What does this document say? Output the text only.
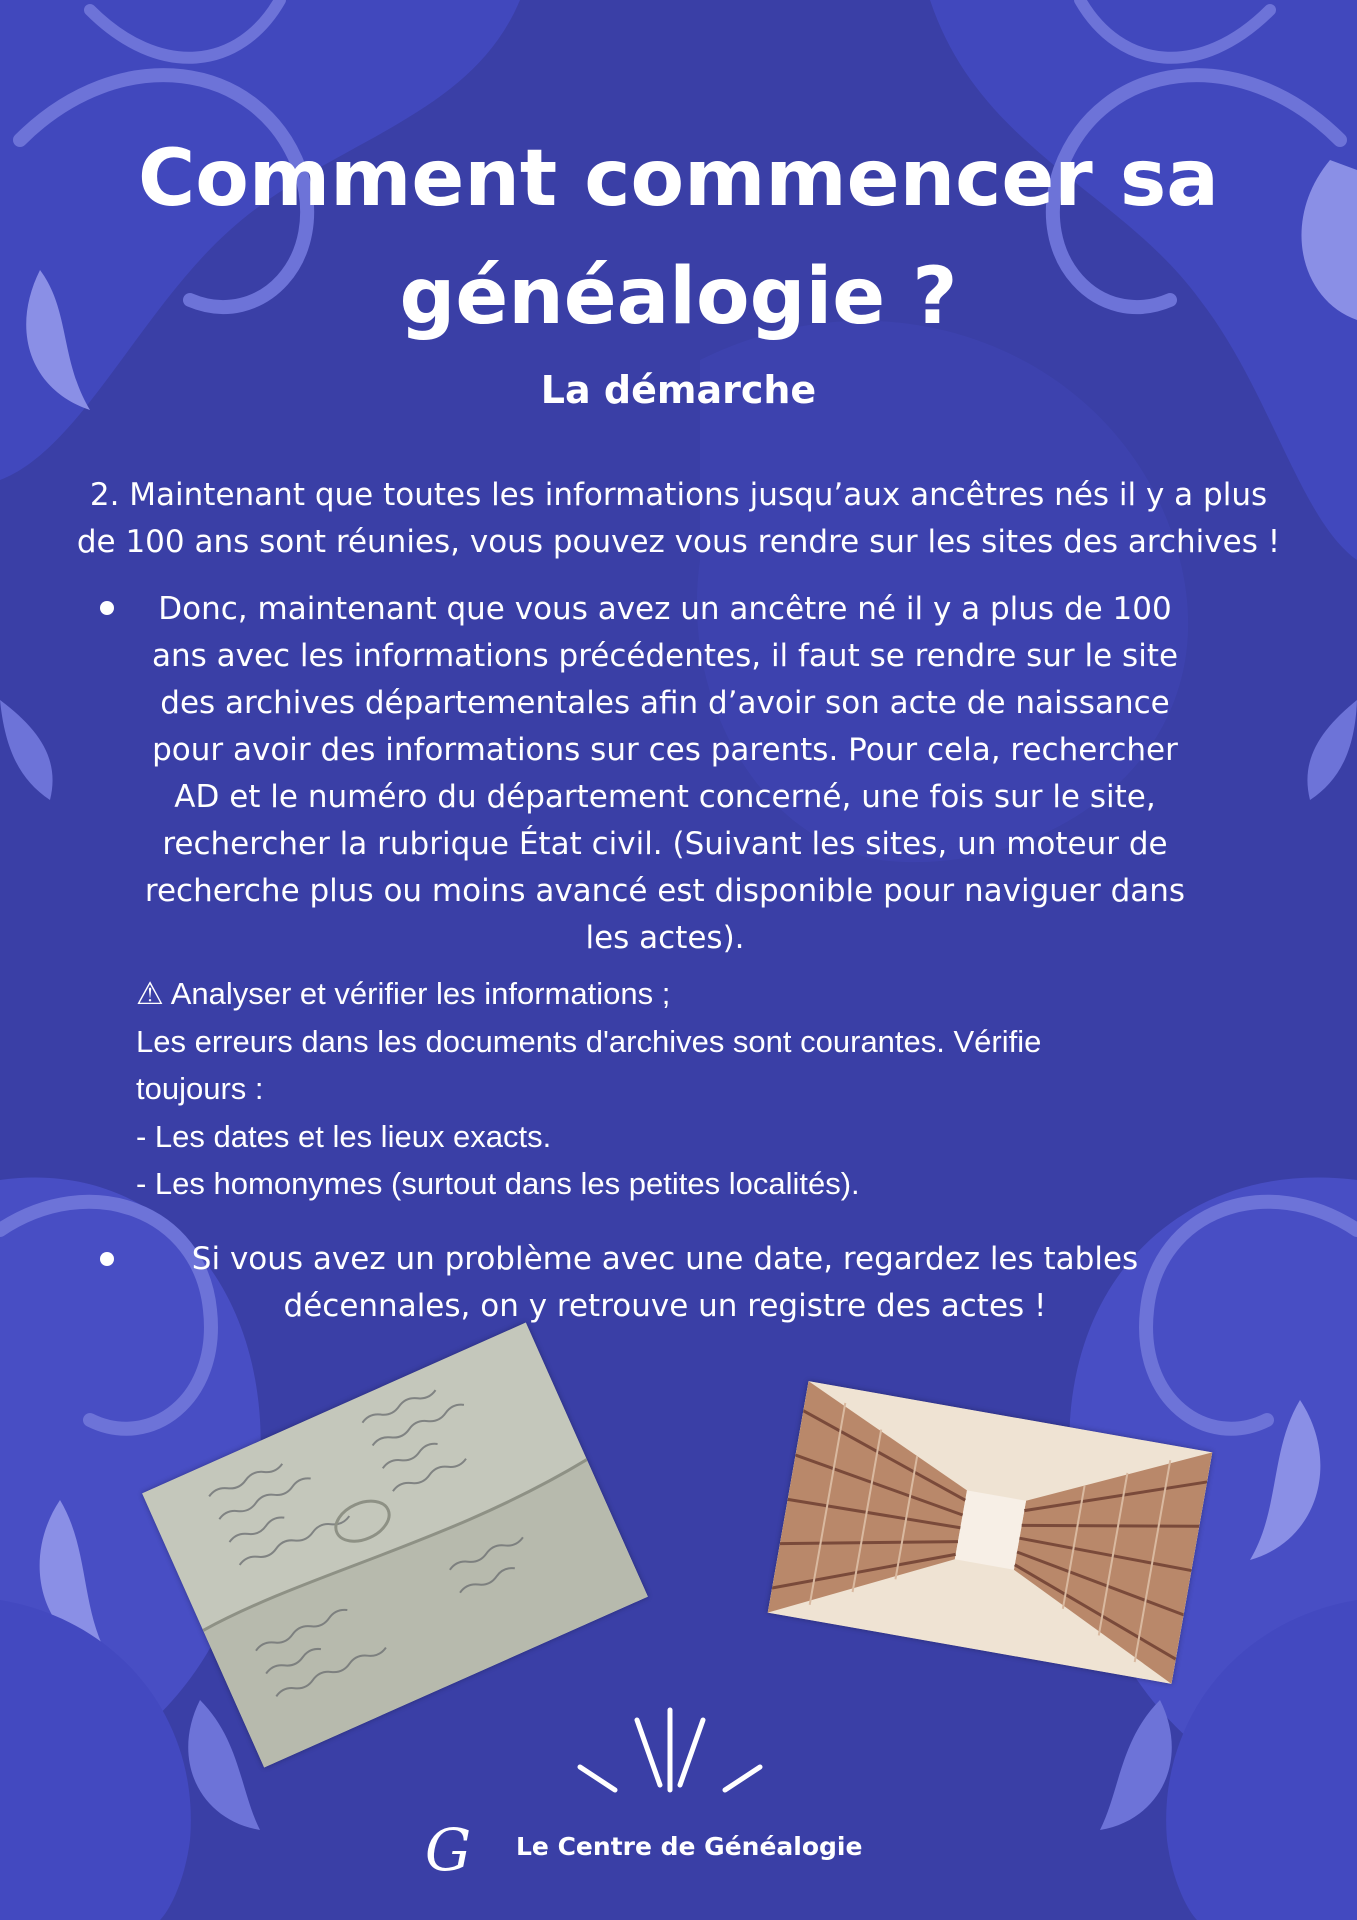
Comment commencer sa
généalogie ?
La démarche
2. Maintenant que toutes les informations jusqu’aux ancêtres nés il y a plus
de 100 ans sont réunies, vous pouvez vous rendre sur les sites des archives !
Donc, maintenant que vous avez un ancêtre né il y a plus de 100
ans avec les informations précédentes, il faut se rendre sur le site
des archives départementales afin d’avoir son acte de naissance
pour avoir des informations sur ces parents. Pour cela, rechercher
AD et le numéro du département concerné, une fois sur le site,
rechercher la rubrique État civil. (Suivant les sites, un moteur de
recherche plus ou moins avancé est disponible pour naviguer dans
les actes).
⚠ Analyser et vérifier les informations ;
Les erreurs dans les documents d'archives sont courantes. Vérifie
toujours :
- Les dates et les lieux exacts.
- Les homonymes (surtout dans les petites localités).
Si vous avez un problème avec une date, regardez les tables
décennales, on y retrouve un registre des actes !
G Le Centre de Généalogie
